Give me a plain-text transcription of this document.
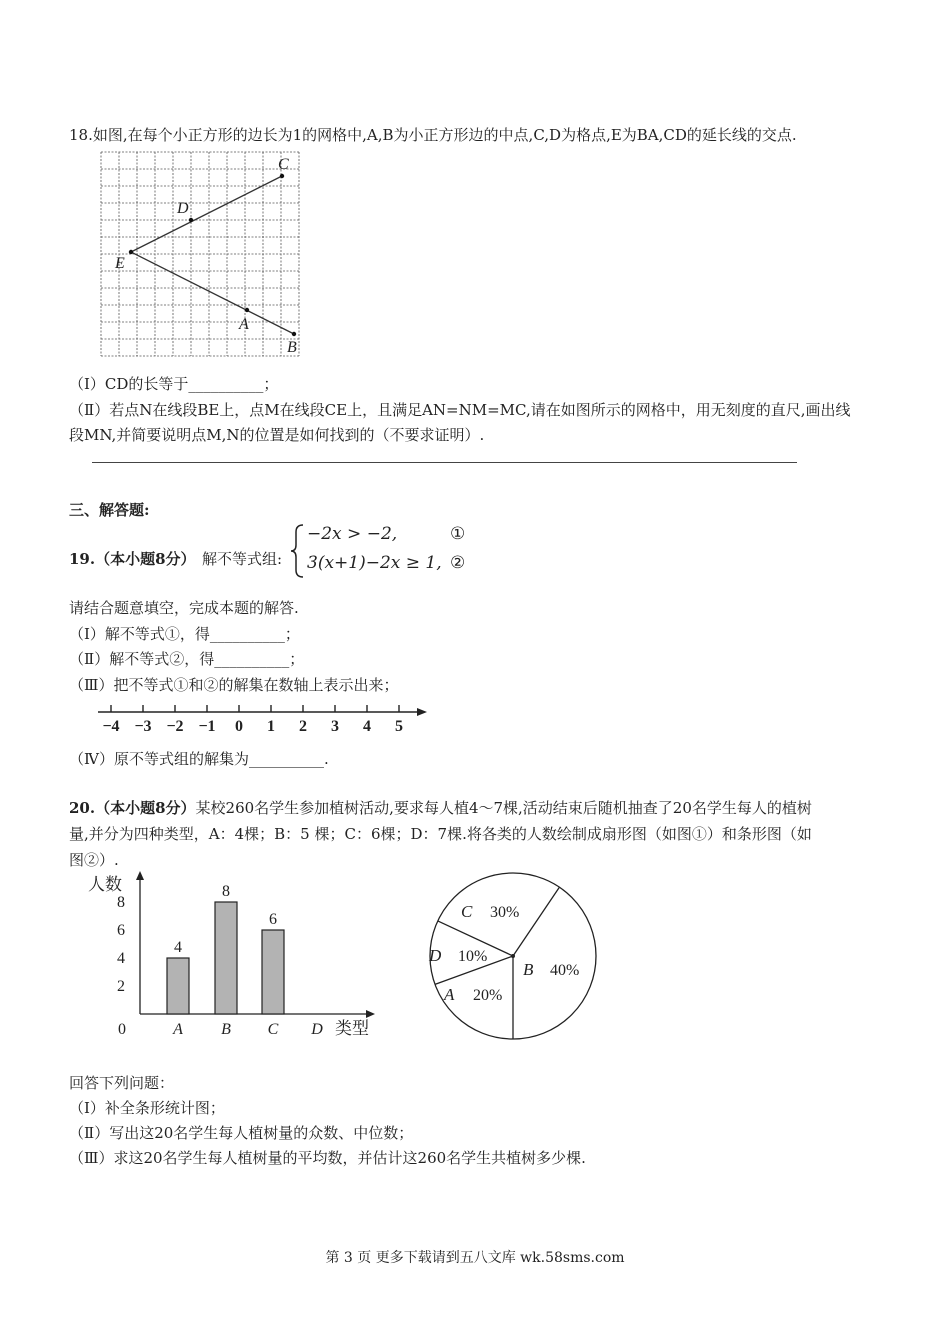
18.如图,在每个小正方形的边长为1的网格中,A,B为小正方形边的中点,C,D为格点,E为BA,CD的延长线的交点.
C
D
E
A
B
（Ⅰ）CD的长等于__________；
（Ⅱ）若点N在线段BE上，点M在线段CE上，且满足AN=NM=MC,请在如图所示的网格中，用无刻度的直尺,画出线
段MN,并简要说明点M,N的位置是如何找到的（不要求证明）.
三、解答题:
19.（本小题8分） 解不等式组:
−2x > −2,	①
3(x+1)−2x ≥ 1, ②
请结合题意填空，完成本题的解答.
（Ⅰ）解不等式①，得__________；
（Ⅱ）解不等式②，得__________；
（Ⅲ）把不等式①和②的解集在数轴上表示出来；
−4 −3 −2 −1 0 1 2 3 4 5
（Ⅳ）原不等式组的解集为__________.
20.（本小题8分）某校260名学生参加植树活动,要求每人植4～7棵,活动结束后随机抽查了20名学生每人的植树
量,并分为四种类型，A：4棵；B：5 棵；C：6棵；D：7棵.将各类的人数绘制成扇形图（如图①）和条形图（如
图②）.
人数
类型
0
2
4
6
8
4
A
8
B
6
C D
B 40%
A 20%
D 10%
C 30%
回答下列问题：
（Ⅰ）补全条形统计图；
（Ⅱ）写出这20名学生每人植树量的众数、中位数；
（Ⅲ）求这20名学生每人植树量的平均数，并估计这260名学生共植树多少棵.
第 3 页 更多下载请到五八文库 wk.58sms.com
